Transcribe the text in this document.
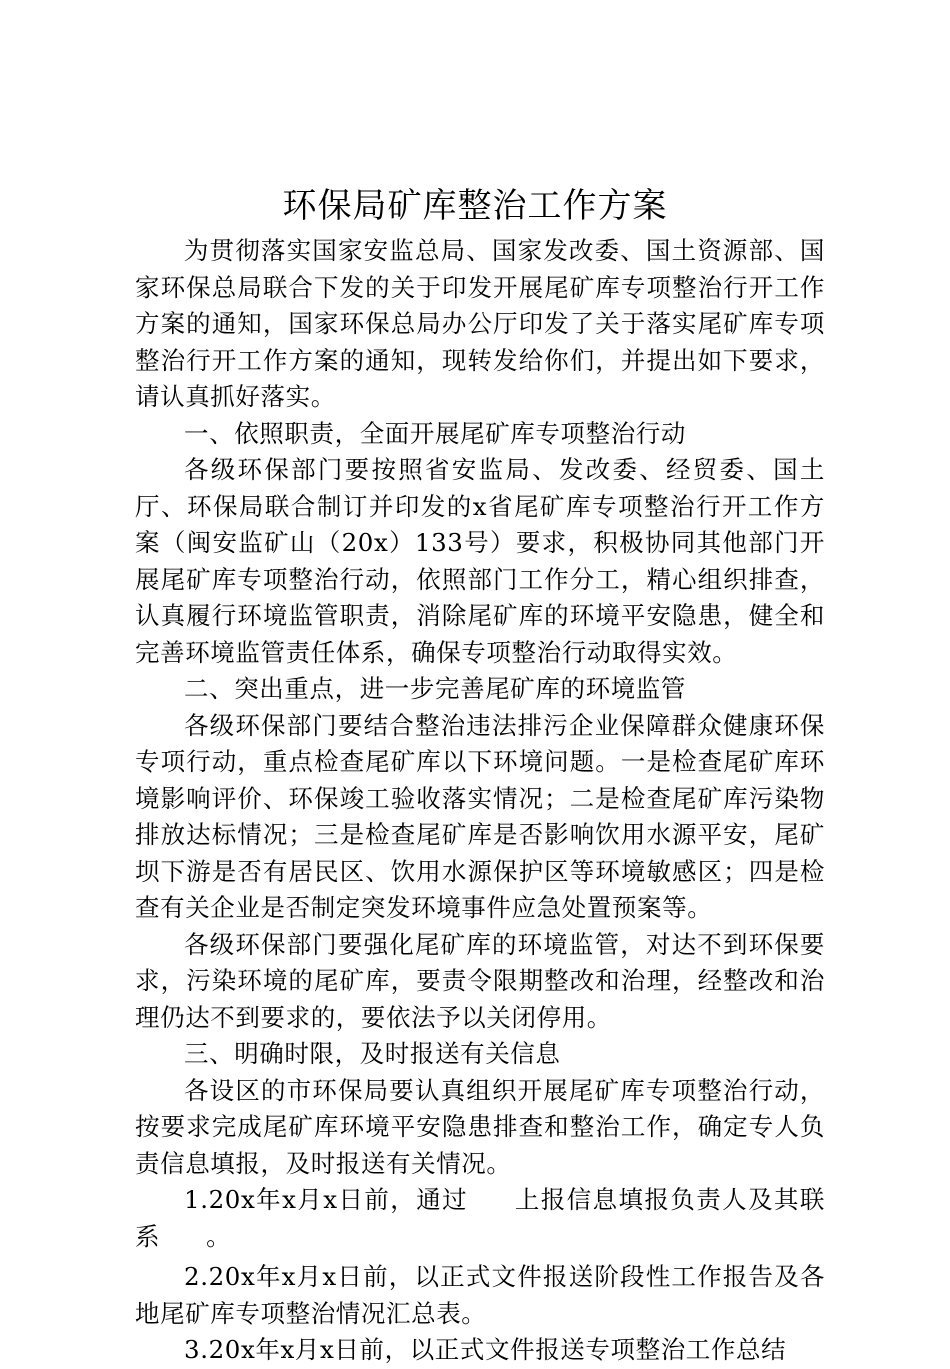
环保局矿库整治工作方案

为贯彻落实国家安监总局、国家发改委、国土资源部、国家环保总局联合下发的关于印发开展尾矿库专项整治行开工作方案的通知，国家环保总局办公厅印发了关于落实尾矿库专项整治行开工作方案的通知，现转发给你们，并提出如下要求，请认真抓好落实。

一、依照职责，全面开展尾矿库专项整治行动

各级环保部门要按照省安监局、发改委、经贸委、国土厅、环保局联合制订并印发的x省尾矿库专项整治行开工作方案（闽安监矿山（20x）133号）要求，积极协同其他部门开展尾矿库专项整治行动，依照部门工作分工，精心组织排查，认真履行环境监管职责，消除尾矿库的环境平安隐患，健全和完善环境监管责任体系，确保专项整治行动取得实效。

二、突出重点，进一步完善尾矿库的环境监管

各级环保部门要结合整治违法排污企业保障群众健康环保专项行动，重点检查尾矿库以下环境问题。一是检查尾矿库环境影响评价、环保竣工验收落实情况；二是检查尾矿库污染物排放达标情况；三是检查尾矿库是否影响饮用水源平安，尾矿坝下游是否有居民区、饮用水源保护区等环境敏感区；四是检查有关企业是否制定突发环境事件应急处置预案等。

各级环保部门要强化尾矿库的环境监管，对达不到环保要求，污染环境的尾矿库，要责令限期整改和治理，经整改和治理仍达不到要求的，要依法予以关闭停用。

三、明确时限，及时报送有关信息

各设区的市环保局要认真组织开展尾矿库专项整治行动，按要求完成尾矿库环境平安隐患排查和整治工作，确定专人负责信息填报，及时报送有关情况。

1.20x年x月x日前，通过 上报信息填报负责人及其联系 。

2.20x年x月x日前，以正式文件报送阶段性工作报告及各地尾矿库专项整治情况汇总表。

3.20x年x月x日前，以正式文件报送专项整治工作总结
